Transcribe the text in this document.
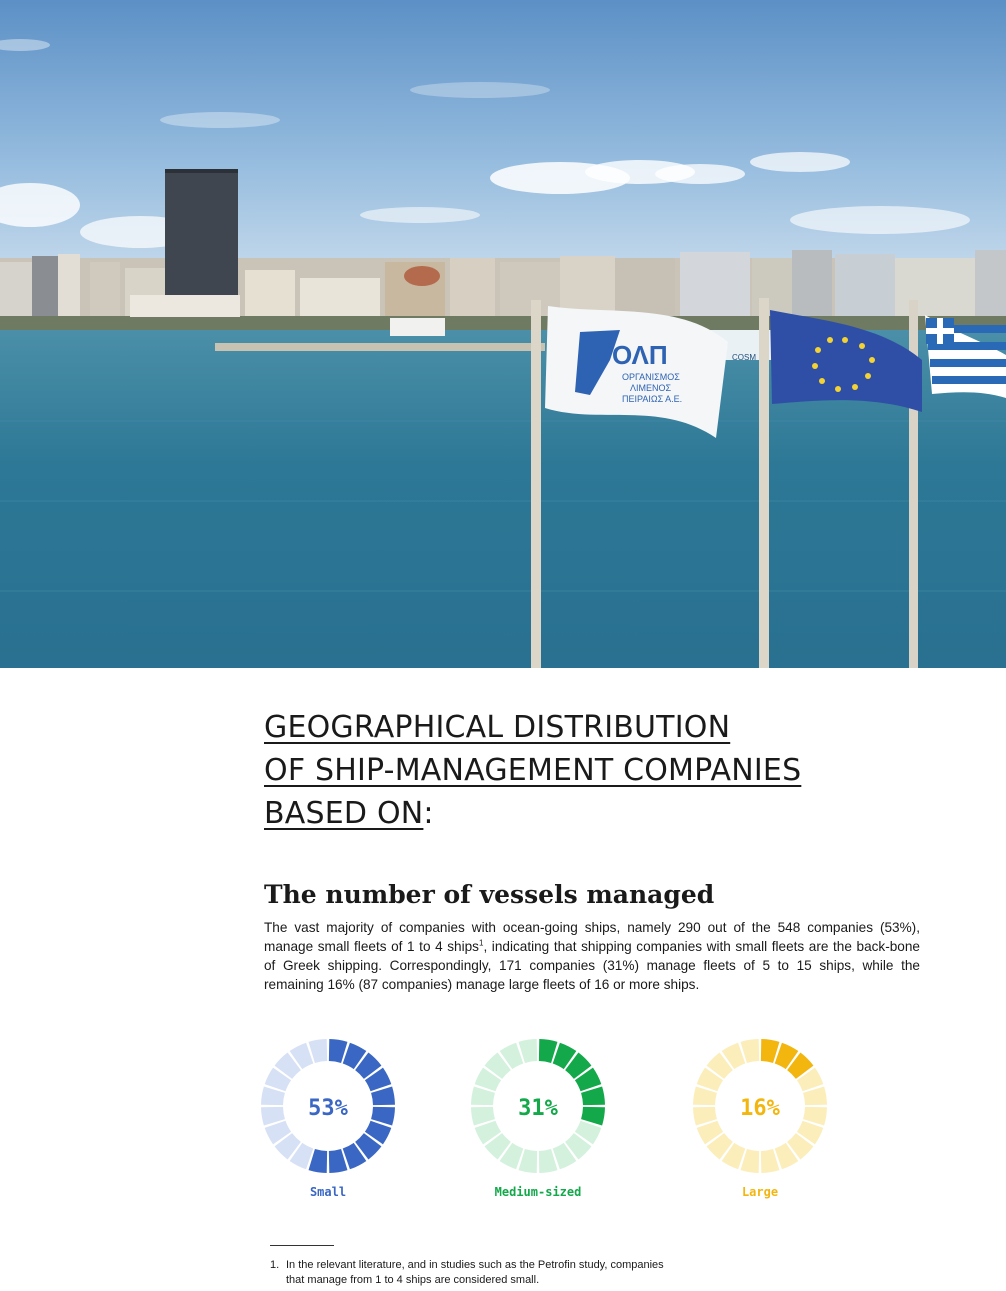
COSM
ΟΛΠ
ΟΡΓΑΝΙΣΜΟΣ
ΛΙΜΕΝΟΣ
ΠΕΙΡΑΙΩΣ Α.Ε.
GEOGRAPHICAL DISTRIBUTION
OF SHIP-MANAGEMENT COMPANIES
BASED ON:
The number of vessels managed

The vast majority of companies with ocean-going ships, namely 290 out of the 548 companies (53%), manage small fleets of 1 to 4 ships$^1$, indicating that shipping companies with small fleets are the back-bone of Greek shipping. Correspondingly, 171 companies (31%) manage fleets of 5 to 15 ships, while the remaining 16% (87 companies) manage large fleets of 16 or more ships.

53%
Small
31%
Medium-sized
16%
Large

1. In the relevant literature, and in studies such as the Petrofin study, companies
that manage from 1 to 4 ships are considered small.
